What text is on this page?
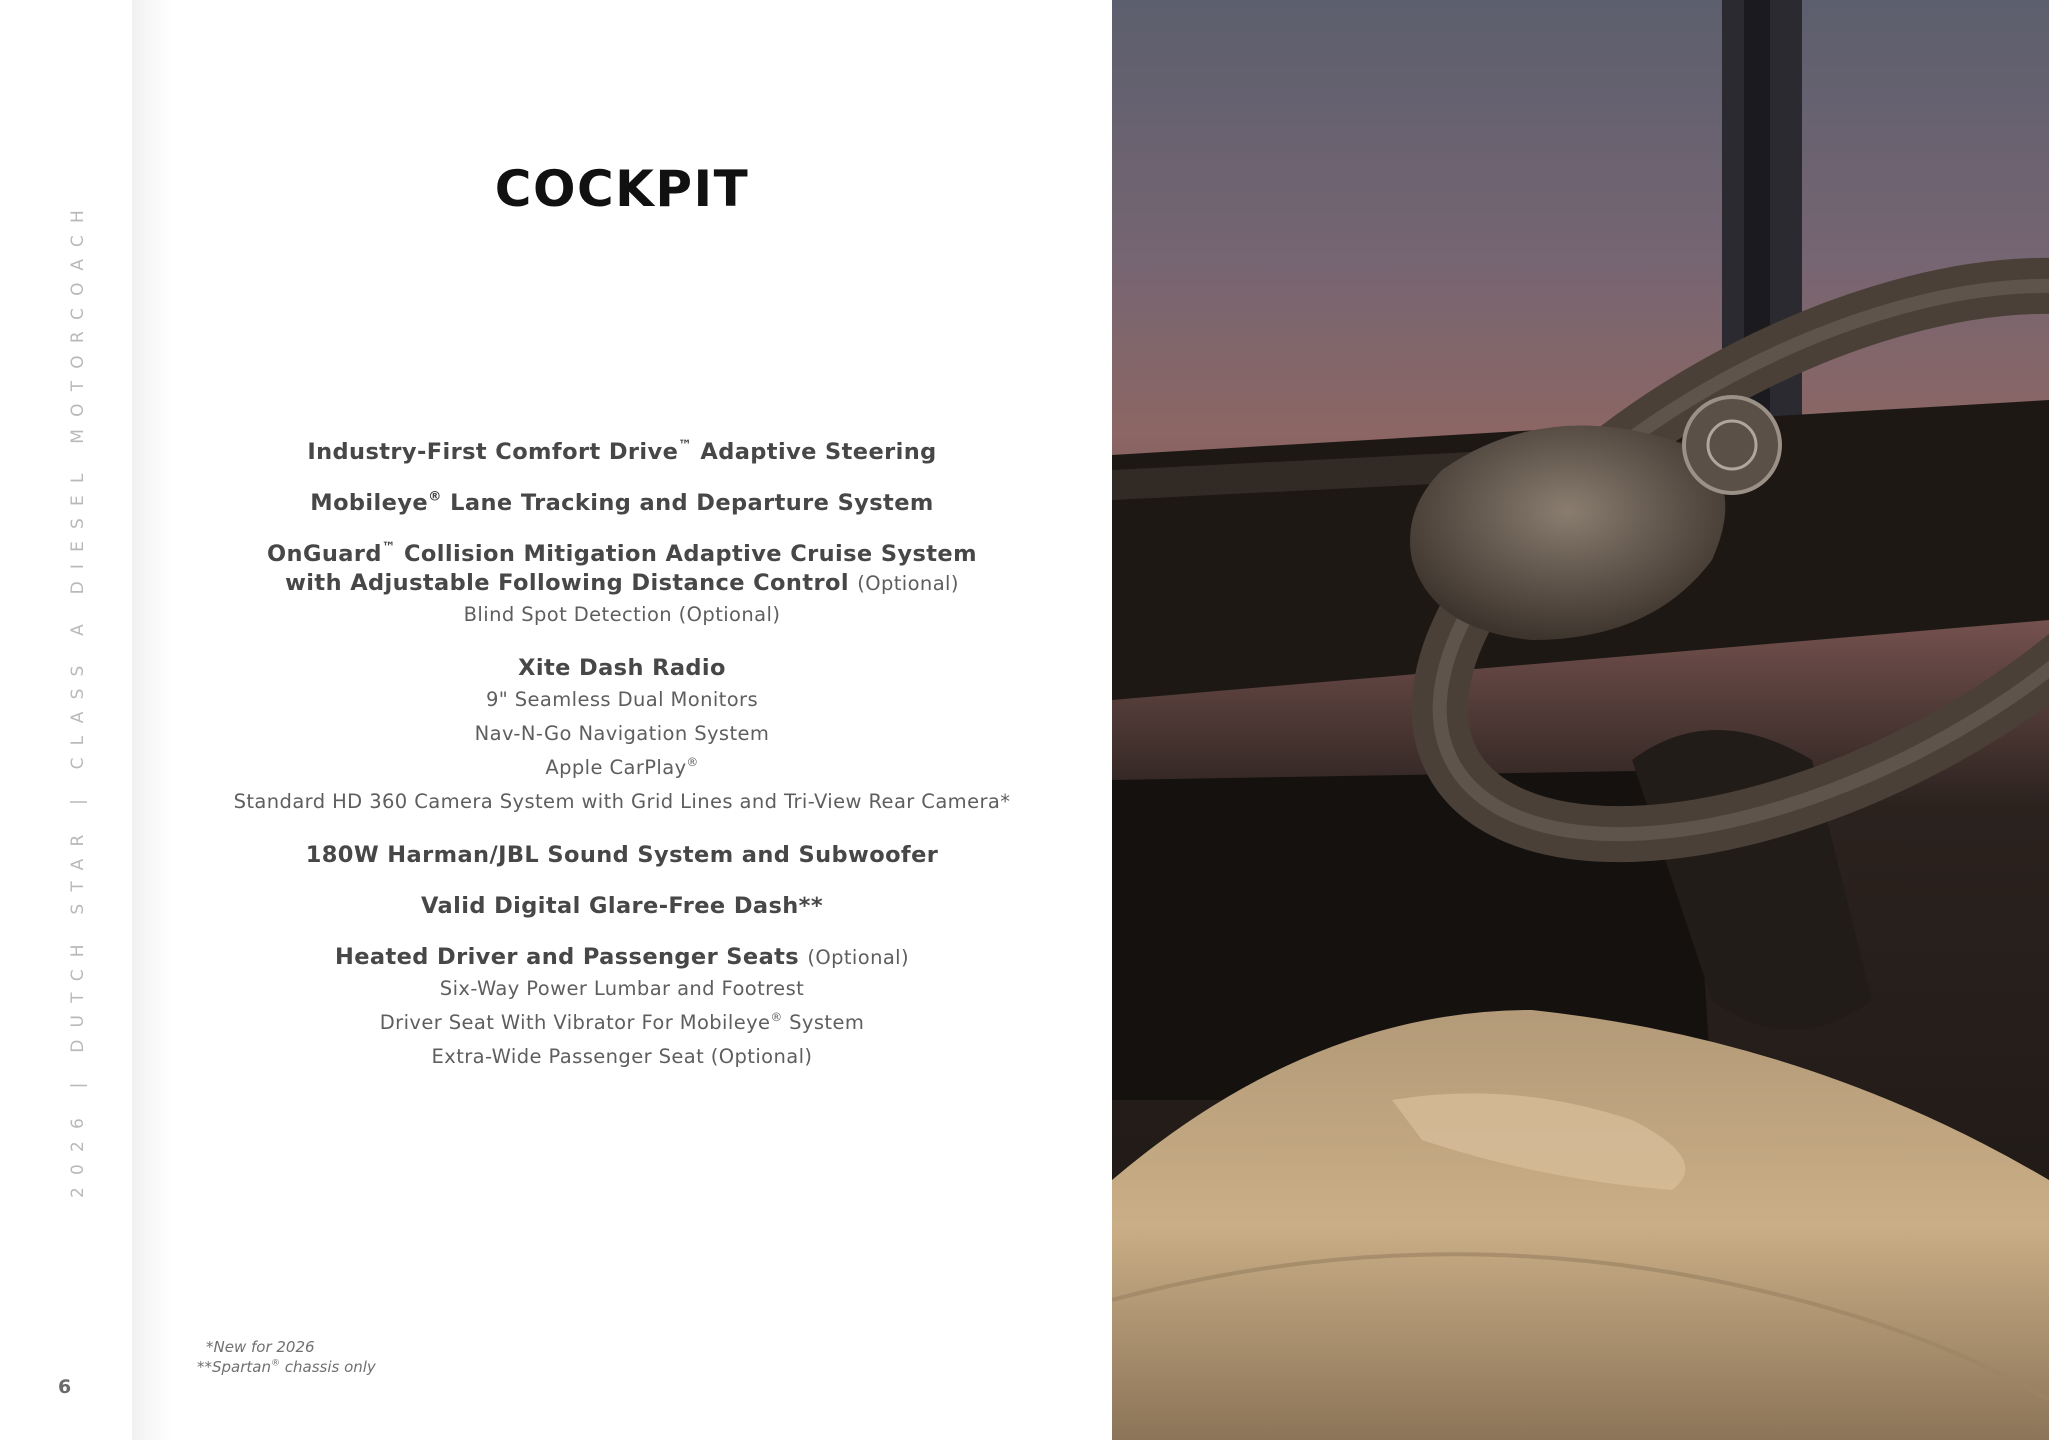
2026 | DUTCH STAR | CLASS A DIESEL MOTORCOACH
6
COCKPIT
Industry-First Comfort Drive™ Adaptive Steering
Mobileye® Lane Tracking and Departure System
OnGuard™ Collision Mitigation Adaptive Cruise System
with Adjustable Following Distance Control (Optional)
Blind Spot Detection (Optional)
Xite Dash Radio
9" Seamless Dual Monitors
Nav-N-Go Navigation System
Apple CarPlay®
Standard HD 360 Camera System with Grid Lines and Tri-View Rear Camera*
180W Harman/JBL Sound System and Subwoofer
Valid Digital Glare-Free Dash**
Heated Driver and Passenger Seats (Optional)
Six-Way Power Lumbar and Footrest
Driver Seat With Vibrator For Mobileye® System
Extra-Wide Passenger Seat (Optional)
*New for 2026
**Spartan® chassis only
